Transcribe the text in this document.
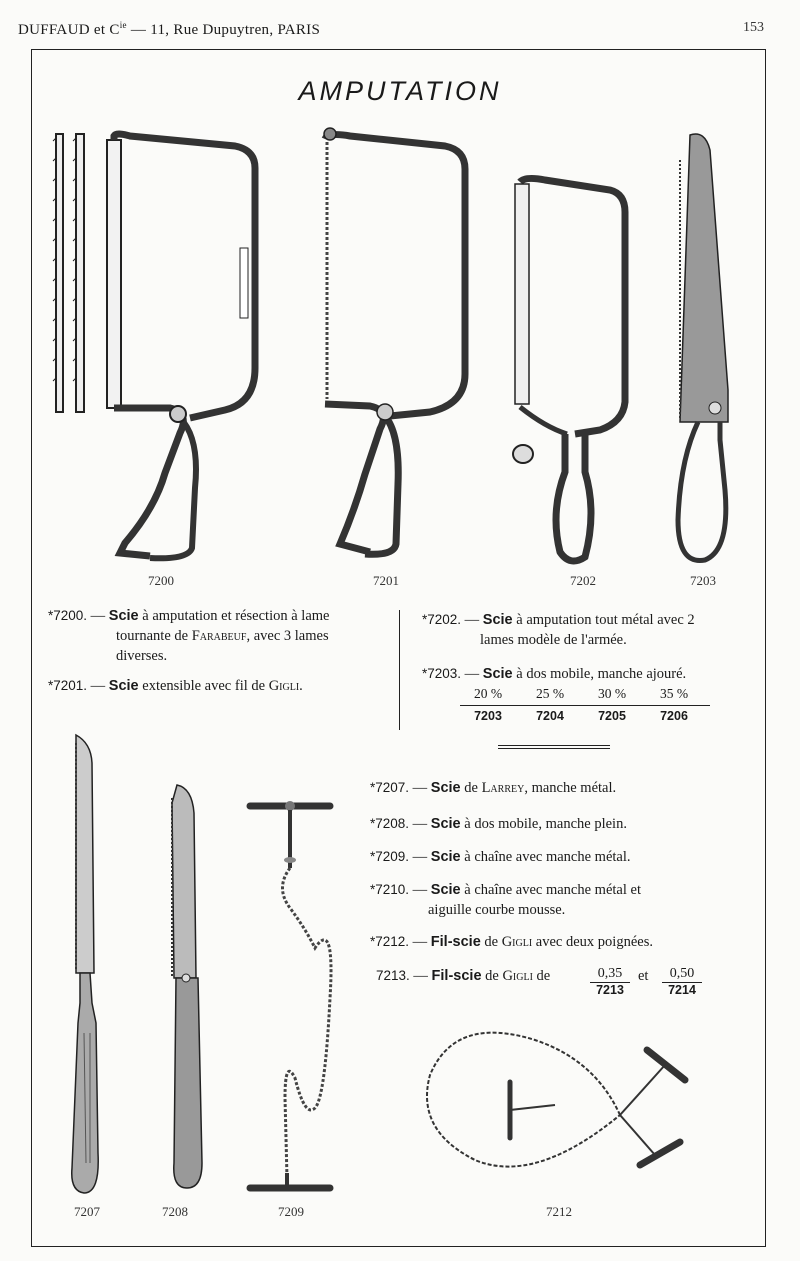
DUFFAUD et $C^{ie}$ — 11, Rue Dupuytren, PARIS	153
AMPUTATION
7200	7201	7202	7203
*7200. — Scie à amputation et résection à lame
tournante de Farabeuf, avec 3 lames
diverses.
*7201. — Scie extensible avec fil de Gigli.
*7202. — Scie à amputation tout métal avec 2
lames modèle de l'armée.
*7203. — Scie à dos mobile, manche ajouré.
20 %	25 %	30 %	35 %
7203	7204	7205	7206
7207	7208	7209	7212
*7207. — Scie de Larrey, manche métal.
*7208. — Scie à dos mobile, manche plein.
*7209. — Scie à chaîne avec manche métal.
*7210. — Scie à chaîne avec manche métal et
aiguille courbe mousse.
*7212. — Fil-scie de Gigli avec deux poignées.
7213. — Fil-scie de Gigli de	$\frac{0,35}{7213}$ et $\frac{0,50}{7214}$
